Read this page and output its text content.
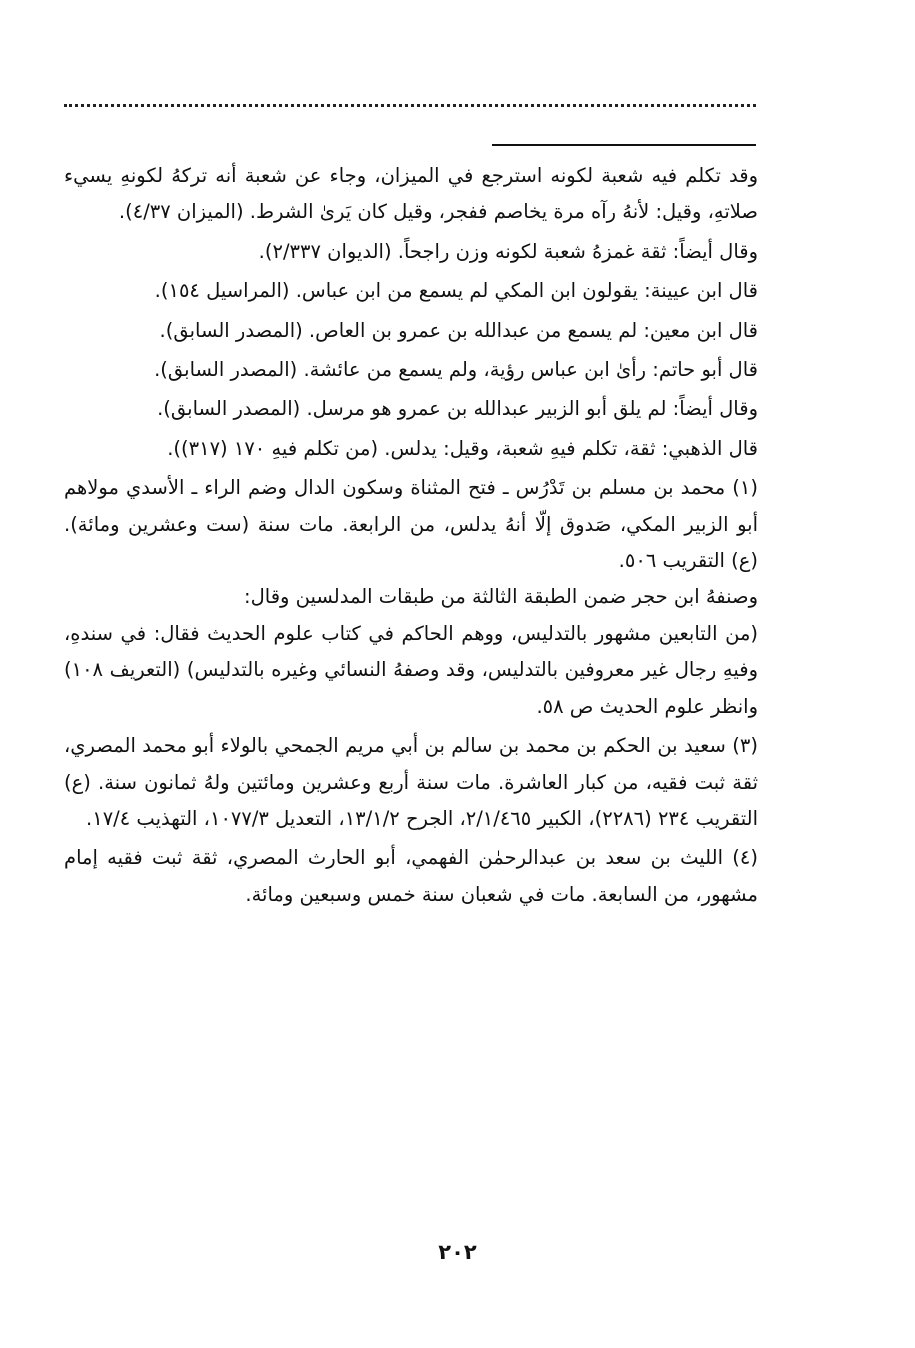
وقد تكلم فيه شعبة لكونه استرجع في الميزان، وجاء عن شعبة أنه تركهُ لكونهِ يسيء صلاتهِ، وقيل: لأنهُ رآه مرة يخاصم ففجر، وقيل كان يَرىٰ الشرط. (الميزان ٤/٣٧).

وقال أيضاً: ثقة غمزهُ شعبة لكونه وزن راجحاً. (الديوان ٢/٣٣٧).

قال ابن عيينة: يقولون ابن المكي لم يسمع من ابن عباس. (المراسيل ١٥٤).

قال ابن معين: لم يسمع من عبدالله بن عمرو بن العاص. (المصدر السابق).

قال أبو حاتم: رأىٰ ابن عباس رؤية، ولم يسمع من عائشة. (المصدر السابق).

وقال أيضاً: لم يلق أبو الزبير عبدالله بن عمرو هو مرسل. (المصدر السابق).

قال الذهبي: ثقة، تكلم فيهِ شعبة، وقيل: يدلس. (من تكلم فيهِ ١٧٠ (٣١٧)).

(١) محمد بن مسلم بن تَدْرُس ـ فتح المثناة وسكون الدال وضم الراء ـ الأسدي مولاهم أبو الزبير المكي، صَدوق إلّا أنهُ يدلس، من الرابعة. مات سنة (ست وعشرين ومائة). (ع) التقريب ٥٠٦.

وصنفهُ ابن حجر ضمن الطبقة الثالثة من طبقات المدلسين وقال:

(من التابعين مشهور بالتدليس، ووهم الحاكم في كتاب علوم الحديث فقال: في سندهِ، وفيهِ رجال غير معروفين بالتدليس، وقد وصفهُ النسائي وغيره بالتدليس) (التعريف ١٠٨) وانظر علوم الحديث ص ٥٨.

(٣) سعيد بن الحكم بن محمد بن سالم بن أبي مريم الجمحي بالولاء أبو محمد المصري، ثقة ثبت فقيه، من كبار العاشرة. مات سنة أربع وعشرين ومائتين ولهُ ثمانون سنة. (ع) التقريب ٢٣٤ (٢٢٨٦)، الكبير ٢/١/٤٦٥، الجرح ١٣/١/٢، التعديل ١٠٧٧/٣، التهذيب ١٧/٤.

(٤) الليث بن سعد بن عبدالرحمٰن الفهمي، أبو الحارث المصري، ثقة ثبت فقيه إمام مشهور، من السابعة. مات في شعبان سنة خمس وسبعين ومائة.

٢٠٢
